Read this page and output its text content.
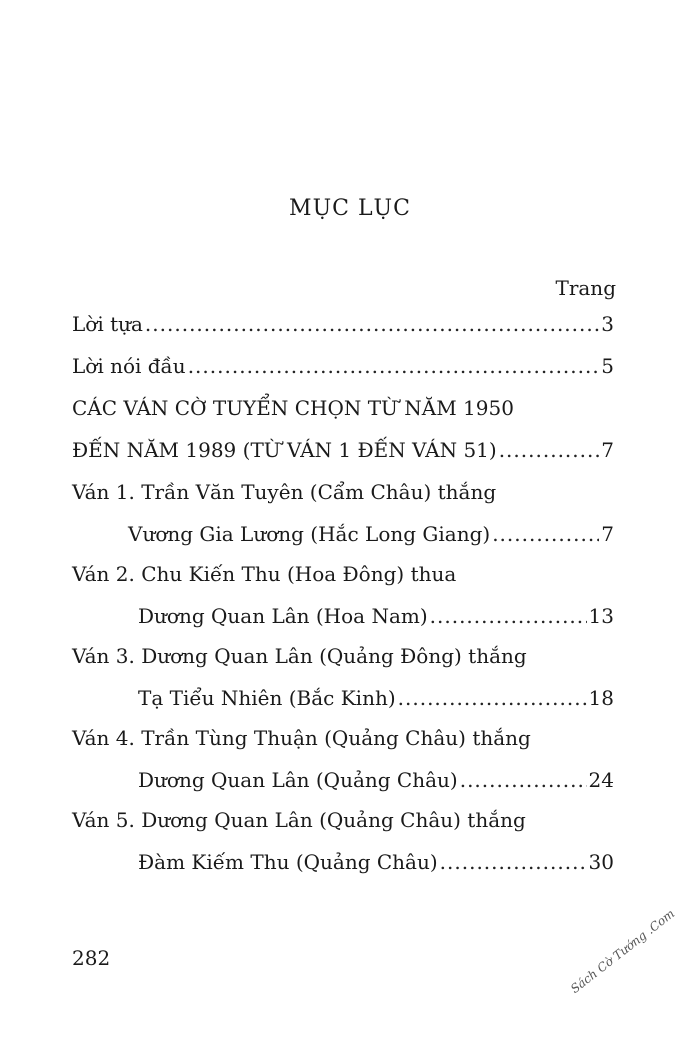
MỤC LỤC
Trang
Lời tựa .....	3
Lời nói đầu .....	5
CÁC VÁN CỜ TUYỂN CHỌN TỪ NĂM 1950
ĐẾN NĂM 1989 (TỪ VÁN 1 ĐẾN VÁN 51) .....	7
Ván 1. Trần Văn Tuyên (Cẩm Châu) thắng
Vương Gia Lương (Hắc Long Giang) .....	7
Ván 2. Chu Kiến Thu (Hoa Đông) thua
Dương Quan Lân (Hoa Nam) .....	13
Ván 3. Dương Quan Lân (Quảng Đông) thắng
Tạ Tiểu Nhiên (Bắc Kinh) .....	18
Ván 4. Trần Tùng Thuận (Quảng Châu) thắng
Dương Quan Lân (Quảng Châu) .....	24
Ván 5. Dương Quan Lân (Quảng Châu) thắng
Đàm Kiếm Thu (Quảng Châu) .....	30
282	Sách Cờ Tướng .Com
